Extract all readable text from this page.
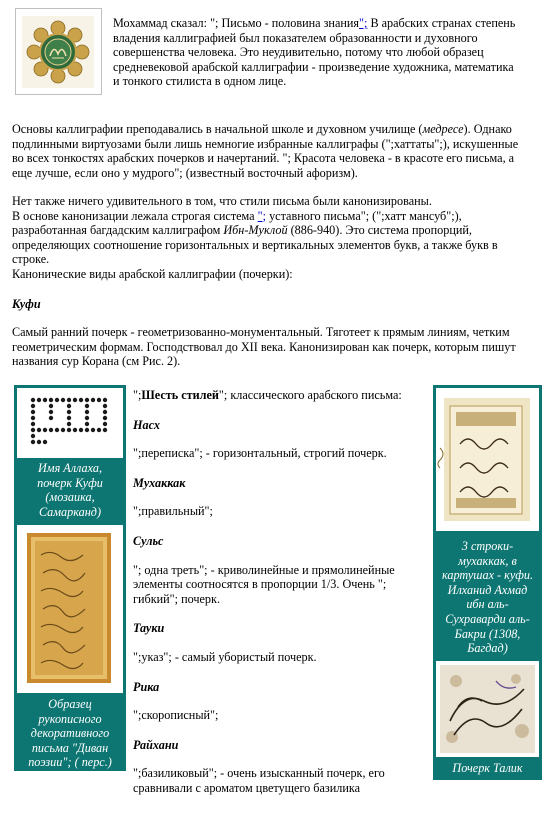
Мохаммад сказал: "; Письмо - половина знания"; В арабских странах степень
владения каллиграфией был показателем образованности и духовного
совершенства человека. Это неудивительно, потому что любой образец
средневековой арабской каллиграфии - произведение художника, математика
и тонкого стилиста в одном лице.
Основы каллиграфии преподавались в начальной школе и духовном училище (медресе). Однако
подлинными виртуозами были лишь немногие избранные каллиграфы (";хаттаты";), искушенные
во всех тонкостях арабских почерков и начертаний. "; Красота человека - в красоте его письма, а
еще лучше, если оно у мудрого"; (известный восточный афоризм).
Нет также ничего удивительного в том, что стили письма были канонизированы.
В основе канонизации лежала строгая система "; уставного письма"; (";хатт мансуб";),
разработанная багдадским каллиграфом Ибн-Муклой (886-940). Это система пропорций,
определяющих соотношение горизонтальных и вертикальных элементов букв, а также букв в
строке.
Канонические виды арабской каллиграфии (почерки):
Куфи
Самый ранний почерк - геометризованно-монументальный. Тяготеет к прямым линиям, четким
геометрическим формам. Господствовал до XII века. Канонизирован как почерк, которым пишут
названия сур Корана (см Рис. 2).
Имя Аллаха,
почерк Куфи
(мозаика,
Самарканд)
Образец
рукописного
декоративного
письма "Диван
поэзии"; ( перс.)
";Шесть стилей"; классического арабского письма:
Насх
";переписка"; - горизонтальный, строгий почерк.
Мухаккак
";правильный";
Сульс
"; одна треть"; - криволинейные и прямолинейные
элементы соотносятся в пропорции 1/3. Очень ";
гибкий"; почерк.
Тауки
";указ"; - самый убористый почерк.
Рика
";скорописный";
Райхани
";базиликовый"; - очень изысканный почерк, его
сравнивали с ароматом цветущего базилика
3 строки-
мухаккак, в
картушах - куфи.
Илханид Ахмад
ибн аль-
Сухраварди аль-
Бакри (1308,
Багдад)
Почерк Талик
